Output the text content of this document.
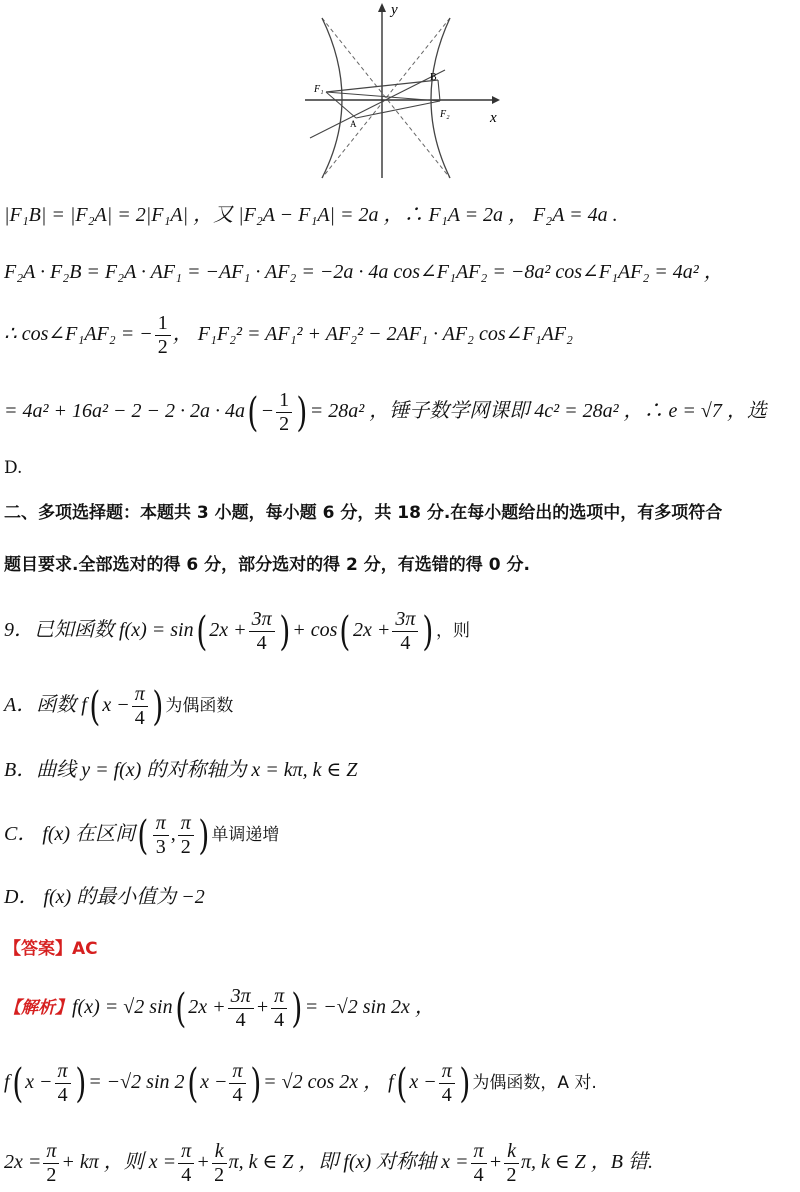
y
x
F₁
F₂
B
A
|F₁B| = |F₂A| = 2|F₁A| ，又 |F₂A − F₁A| = 2a ，∴ F₁A = 2a ， F₂A = 4a .
F₂A · F₂B = F₂A · AF₁ = −AF₁ · AF₂ = −2a · 4a cos∠F₁AF₂ = −8a² cos∠F₁AF₂ = 4a² ，
∴ cos∠F₁AF₂ = − $\frac{1}{2}$ ， F₁F₂² = AF₁² + AF₂² − 2AF₁ · AF₂ cos∠F₁AF₂
= $4a^2 + 16a^2 - 2 - 2 \cdot 2a \cdot 4a( - \frac{1}{2}$ ) = 28a² ，锤子数学网课即 4c² = 28a² ，∴ e = √7 ，选
D.
二、多项选择题：本题共 3 小题，每小题 6 分，共 18 分.在每小题给出的选项中，有多项符合
题目要求.全部选对的得 6 分，部分选对的得 2 分，有选错的得 0 分.
9．已知函数 f(x) = sin( $2x + \frac{3\pi}{4}$ ) + cos( $2x + \frac{3\pi}{4}$ ) ，则
A．函数 f( $x - \frac{\pi}{4}$ ) 为偶函数
B．曲线 y = f(x) 的对称轴为 x = kπ, k ∈ Z
C． f(x) 在区间( $\frac{\pi}{3}$ , $\frac{\pi}{2}$ ) 单调递增
D． f(x) 的最小值为 −2
【答案】AC
【解析】f(x) = √2 sin( $2x + \frac{3\pi}{4} + \frac{\pi}{4}$ ) = −√2 sin 2x ，
f( $x - \frac{\pi}{4}$ ) = −√2 sin 2( $x - \frac{\pi}{4}$ ) = √2 cos 2x ， f( $x - \frac{\pi}{4}$ ) 为偶函数，A 对.
$2x = \frac{\pi}{2} + k\pi$ ，则 $x = \frac{\pi}{4} + \frac{k}{2} \pi$, k ∈ Z ，即 f(x) 对称轴 $x = \frac{\pi}{4} + \frac{k}{2} \pi$, k ∈ Z ，B 错.
